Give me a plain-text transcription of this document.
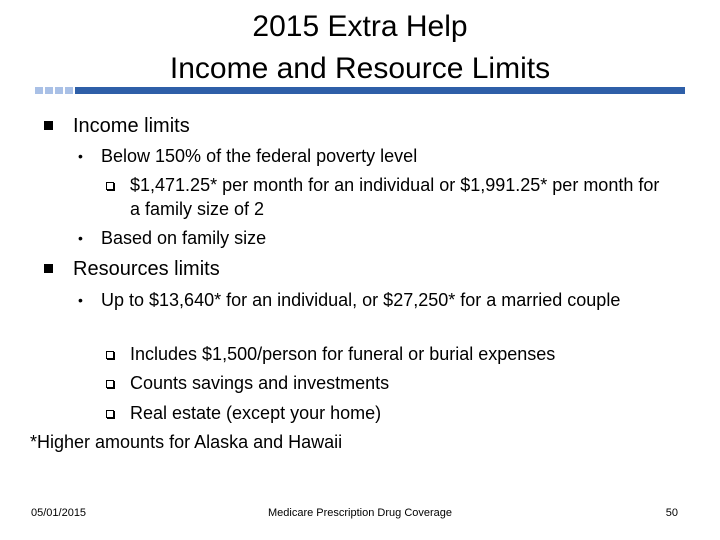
2015 Extra Help
Income and Resource Limits
Income limits
• Below 150% of the federal poverty level
$1,471.25* per month for an individual or $1,991.25* per month for a family size of 2
• Based on family size
Resources limits
• Up to $13,640* for an individual, or $27,250* for a married couple
Includes $1,500/person for funeral or burial expenses
Counts savings and investments
Real estate (except your home)
*Higher amounts for Alaska and Hawaii
05/01/2015	Medicare Prescription Drug Coverage	50
